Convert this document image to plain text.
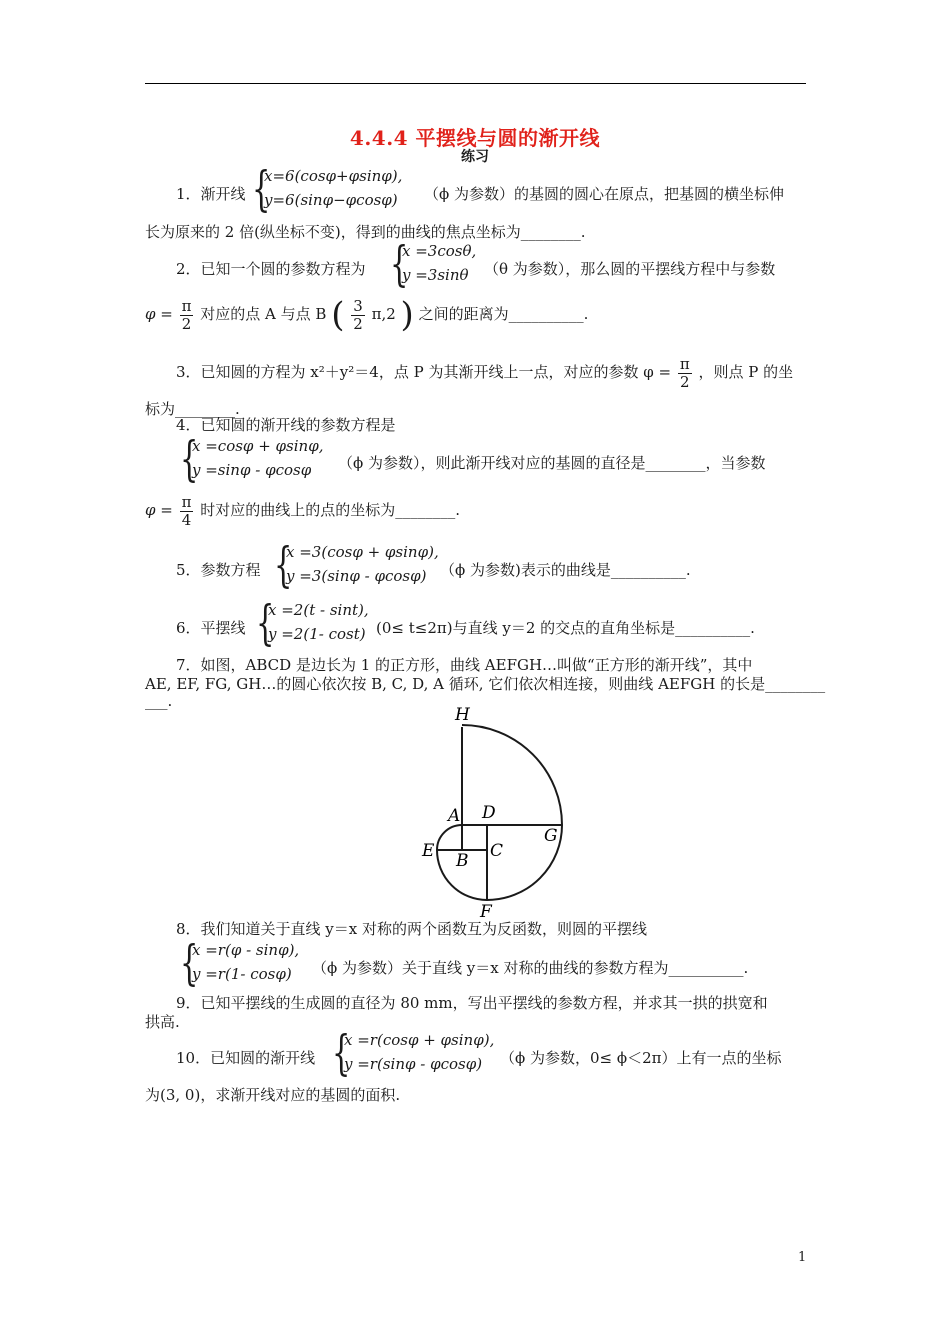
4.4.4 平摆线与圆的渐开线
练习
1．渐开线 {
x=6(cosφ+φsinφ),
y=6(sinφ−φcosφ) （ϕ 为参数）的基圆的圆心在原点，把基圆的横坐标伸
长为原来的 2 倍(纵坐标不变)，得到的曲线的焦点坐标为________.
2．已知一个圆的参数方程为 {
x =3cosθ,
y =3sinθ （θ 为参数），那么圆的平摆线方程中与参数
$\varphi = \frac{\pi}{2}$ 对应的点 A 与点 B ( $\frac{3}{2} \pi,2$ ) 之间的距离为__________.
3．已知圆的方程为 x²＋y²＝4，点 P 为其渐开线上一点，对应的参数 $\varphi = \frac{\pi}{2}$ ，则点 P 的坐
标为________.
4．已知圆的渐开线的参数方程是
{
x =cosφ + φsinφ,
y =sinφ - φcosφ （ϕ 为参数），则此渐开线对应的基圆的直径是________，当参数
$\varphi = \frac{\pi}{4}$ 时对应的曲线上的点的坐标为________.
5．参数方程 {
x =3(cosφ + φsinφ),
y =3(sinφ - φcosφ) （ϕ 为参数)表示的曲线是__________.
6．平摆线 {
x =2(t - sint),
y =2(1- cost) (0≤ t≤2π)与直线 y＝2 的交点的直角坐标是__________.
7．如图，ABCD 是边长为 1 的正方形，曲线 AEFGH…叫做“正方形的渐开线”，其中
AE, EF, FG, GH…的圆心依次按 B, C, D, A 循环, 它们依次相连接，则曲线 AEFGH 的长是________
___.
H
A D
G
E B C
F
8．我们知道关于直线 y＝x 对称的两个函数互为反函数，则圆的平摆线
{
x =r(φ - sinφ),
y =r(1- cosφ) （ϕ 为参数）关于直线 y＝x 对称的曲线的参数方程为__________.
9．已知平摆线的生成圆的直径为 80 mm，写出平摆线的参数方程，并求其一拱的拱宽和
拱高.
10．已知圆的渐开线 {
x =r(cosφ + φsinφ),
y =r(sinφ - φcosφ) （ϕ 为参数，0≤ ϕ＜2π）上有一点的坐标
为(3, 0)，求渐开线对应的基圆的面积.
1
